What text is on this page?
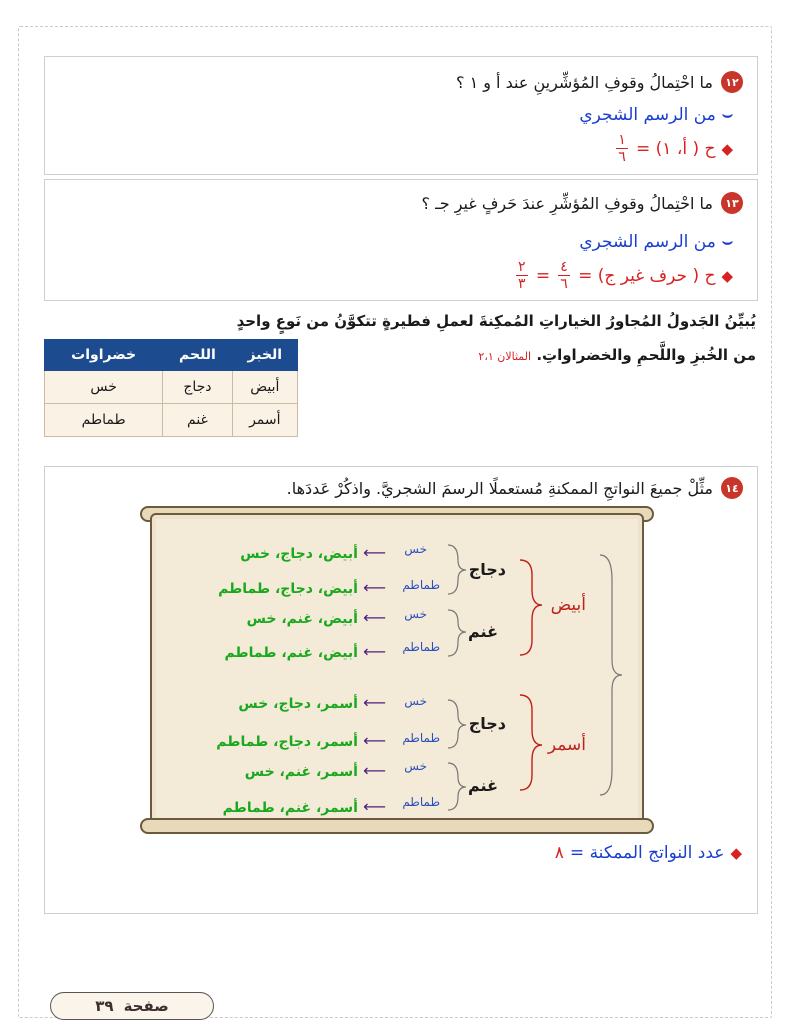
١٢
ما احْتِمالُ وقوفِ المُؤشِّرينِ عند أ و ١ ؟
⌣
من الرسم الشجري
◆
ح ( أ، ١) =
$\frac{١}{٦}$
١٣
ما احْتِمالُ وقوفِ المُؤشِّرِ عندَ حَرفٍ غيرِ جـ ؟
⌣
من الرسم الشجري
◆
ح ( حرف غير ج) =
$\frac{٤}{٦}$
=
$\frac{٢}{٣}$
يُبيِّنُ الجَدولُ المُجاورُ الخياراتِ المُمكِنةَ لعملِ فطيرةٍ تتكوَّنُ من نَوعٍ واحدٍ
من الخُبزِ واللَّحمِ والخضراواتِ. المثالان ٢،١
الخبز	اللحم	خضراوات
أبيض	دجاج	خس
أسمر	غنم	طماطم
١٤
مثِّلْ جميعَ النواتجِ الممكنةِ مُستعملًا الرسمَ الشجريَّ. واذكُرْ عَددَها.
أبيض
أسمر
دجاج
غنم
دجاج
غنم
خس
طماطم
خس
طماطم
خس
طماطم
خس
طماطم
⟵ أبيض، دجاج، خس
⟵ أبيض، دجاج، طماطم
⟵ أبيض، غنم، خس
⟵ أبيض، غنم، طماطم
⟵ أسمر، دجاج، خس
⟵ أسمر، دجاج، طماطم
⟵ أسمر، غنم، خس
⟵ أسمر، غنم، طماطم
◆
عدد النواتج الممكنة =
٨
صفحة
٣٩
